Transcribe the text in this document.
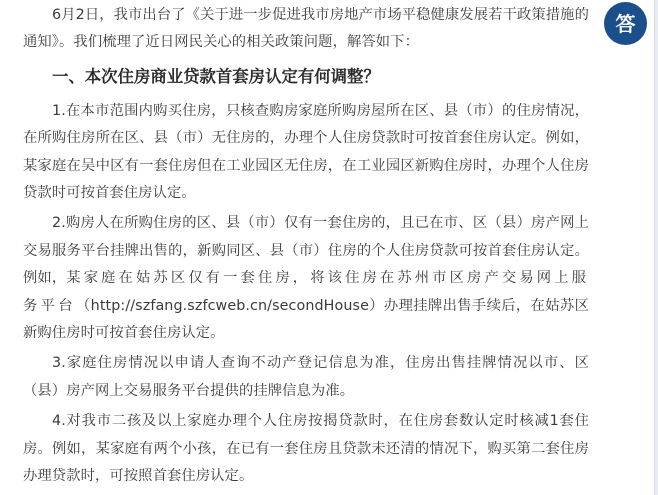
答

6月2日，我市出台了《关于进一步促进我市房地产市场平稳健康发展若干政策措施的通知》。我们梳理了近日网民关心的相关政策问题，解答如下：

一、本次住房商业贷款首套房认定有何调整？

1.在本市范围内购买住房，只核查购房家庭所购房屋所在区、县（市）的住房情况，在所购住房所在区、县（市）无住房的，办理个人住房贷款时可按首套住房认定。例如，某家庭在吴中区有一套住房但在工业园区无住房，在工业园区新购住房时，办理个人住房贷款时可按首套住房认定。

2.购房人在所购住房的区、县（市）仅有一套住房的，且已在市、区（县）房产网上交易服务平台挂牌出售的，新购同区、县（市）住房的个人住房贷款可按首套住房认定。例如，某家庭在姑苏区仅有一套住房，将该住房在苏州市区房产交易网上服务平台（http://szfang.szfcweb.cn/secondHouse）办理挂牌出售手续后，在姑苏区新购住房时可按首套住房认定。

3.家庭住房情况以申请人查询不动产登记信息为准，住房出售挂牌情况以市、区（县）房产网上交易服务平台提供的挂牌信息为准。

4.对我市二孩及以上家庭办理个人住房按揭贷款时，在住房套数认定时核减1套住房。例如，某家庭有两个小孩，在已有一套住房且贷款未还清的情况下，购买第二套住房办理贷款时，可按照首套住房认定。
